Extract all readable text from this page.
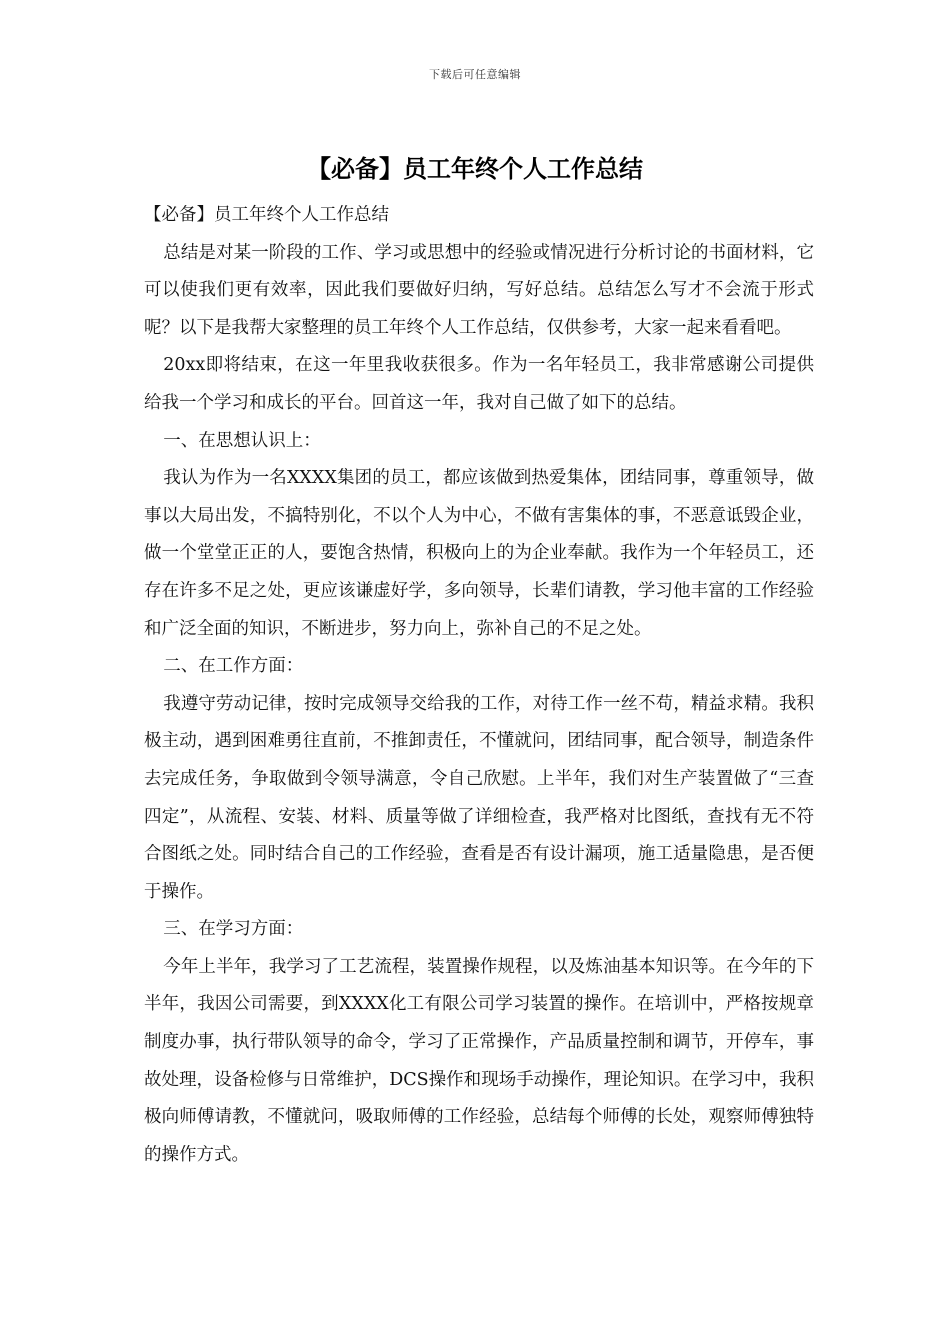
下载后可任意编辑
【必备】员工年终个人工作总结

【必备】员工年终个人工作总结

总结是对某一阶段的工作、学习或思想中的经验或情况进行分析讨论的书面材料，它可以使我们更有效率，因此我们要做好归纳，写好总结。总结怎么写才不会流于形式呢？以下是我帮大家整理的员工年终个人工作总结，仅供参考，大家一起来看看吧。

20xx即将结束，在这一年里我收获很多。作为一名年轻员工，我非常感谢公司提供给我一个学习和成长的平台。回首这一年，我对自己做了如下的总结。

一、在思想认识上：

我认为作为一名XXXX集团的员工，都应该做到热爱集体，团结同事，尊重领导，做事以大局出发，不搞特别化，不以个人为中心，不做有害集体的事，不恶意诋毁企业，做一个堂堂正正的人，要饱含热情，积极向上的为企业奉献。我作为一个年轻员工，还存在许多不足之处，更应该谦虚好学，多向领导，长辈们请教，学习他丰富的工作经验和广泛全面的知识，不断进步，努力向上，弥补自己的不足之处。

二、在工作方面：

我遵守劳动记律，按时完成领导交给我的工作，对待工作一丝不苟，精益求精。我积极主动，遇到困难勇往直前，不推卸责任，不懂就问，团结同事，配合领导，制造条件去完成任务，争取做到令领导满意，令自己欣慰。上半年，我们对生产装置做了“三查四定”，从流程、安装、材料、质量等做了详细检查，我严格对比图纸，查找有无不符合图纸之处。同时结合自己的工作经验，查看是否有设计漏项，施工适量隐患，是否便于操作。

三、在学习方面：

今年上半年，我学习了工艺流程，装置操作规程，以及炼油基本知识等。在今年的下半年，我因公司需要，到XXXX化工有限公司学习装置的操作。在培训中，严格按规章制度办事，执行带队领导的命令，学习了正常操作，产品质量控制和调节，开停车，事故处理，设备检修与日常维护，DCS操作和现场手动操作，理论知识。在学习中，我积极向师傅请教，不懂就问，吸取师傅的工作经验，总结每个师傅的长处，观察师傅独特的操作方式。
